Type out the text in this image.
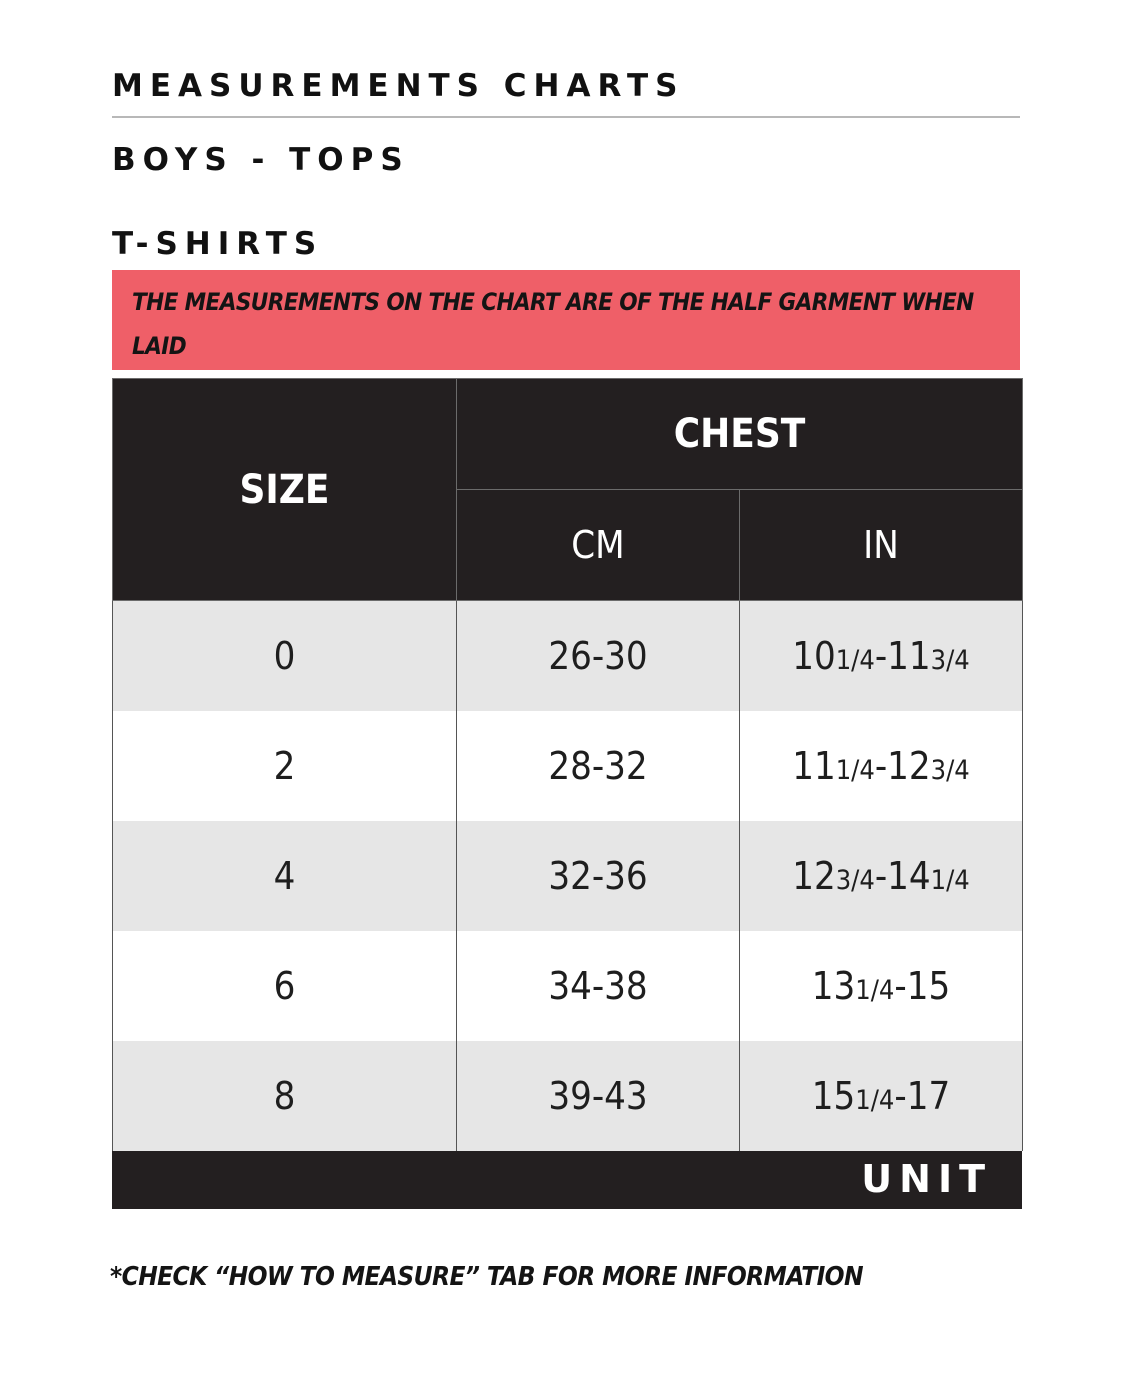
MEASUREMENTS CHARTS
BOYS - TOPS
T-SHIRTS
THE MEASUREMENTS ON THE CHART ARE OF THE HALF GARMENT WHEN LAID
SIZE	CHEST	
	CM	IN
0	26-30	101/4-113/4
2	28-32	111/4-123/4
4	32-36	123/4-141/4
6	34-38	131/4-15
8	39-43	151/4-17
UNIT
*CHECK “HOW TO MEASURE” TAB FOR MORE INFORMATION
